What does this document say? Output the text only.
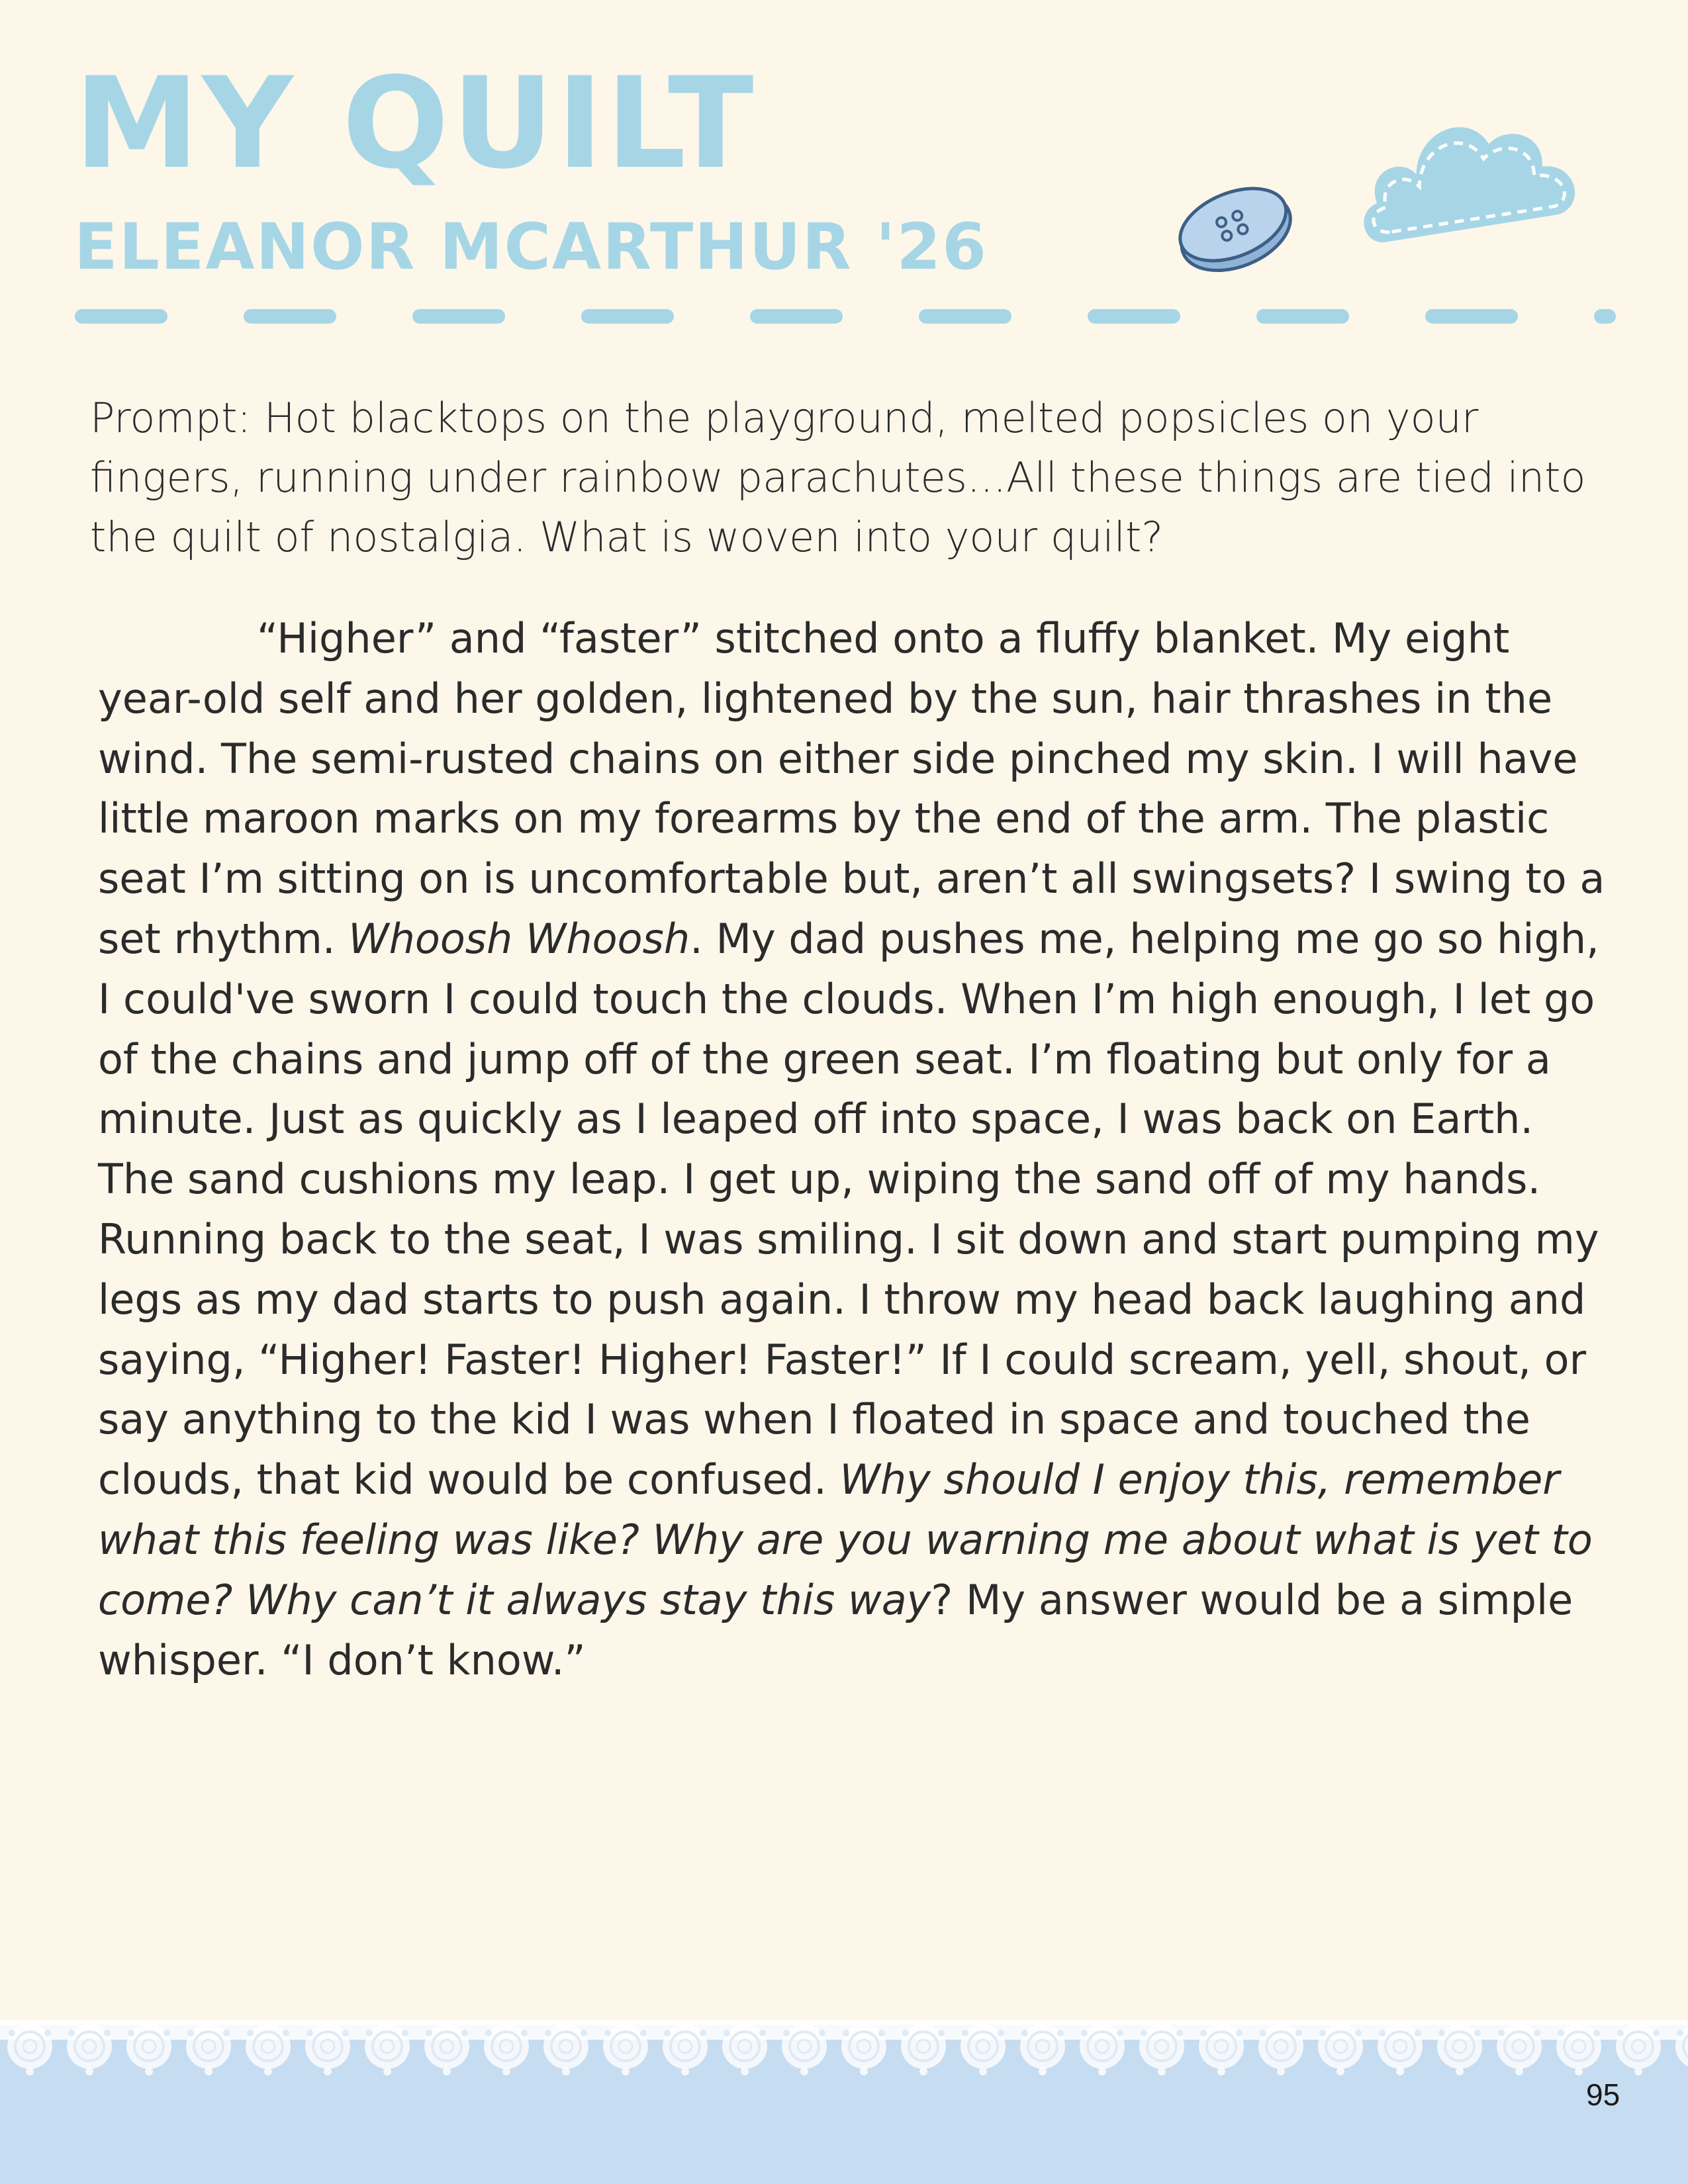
MY QUILT
ELEANOR MCARTHUR '26

Prompt: Hot blacktops on the playground, melted popsicles on your fingers, running under rainbow parachutes...All these things are tied into the quilt of nostalgia. What is woven into your quilt?

“Higher” and “faster” stitched onto a fluffy blanket. My eight year-old self and her golden, lightened by the sun, hair thrashes in the wind. The semi-rusted chains on either side pinched my skin. I will have little maroon marks on my forearms by the end of the arm. The plastic seat I’m sitting on is uncomfortable but, aren’t all swingsets? I swing to a set rhythm. Whoosh Whoosh. My dad pushes me, helping me go so high, I could've sworn I could touch the clouds. When I’m high enough, I let go of the chains and jump off of the green seat. I’m floating but only for a minute. Just as quickly as I leaped off into space, I was back on Earth. The sand cushions my leap. I get up, wiping the sand off of my hands. Running back to the seat, I was smiling. I sit down and start pumping my legs as my dad starts to push again. I throw my head back laughing and saying, “Higher! Faster! Higher! Faster!” If I could scream, yell, shout, or say anything to the kid I was when I floated in space and touched the clouds, that kid would be confused. Why should I enjoy this, remember what this feeling was like? Why are you warning me about what is yet to come? Why can’t it always stay this way? My answer would be a simple whisper. “I don’t know.”

95
